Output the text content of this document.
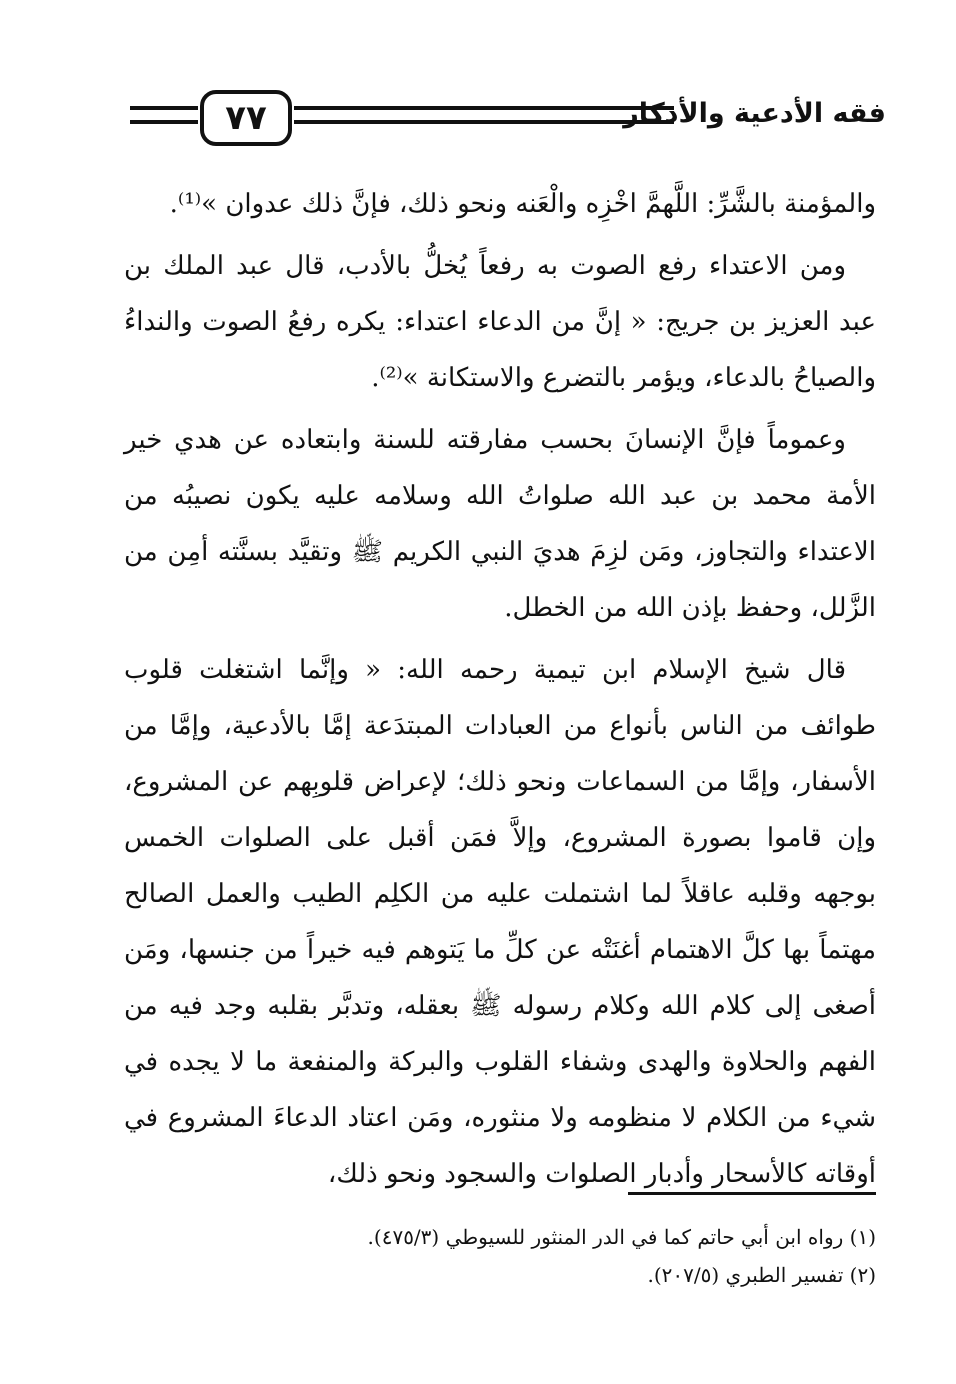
٧٧	فقه الأدعية والأذكار

والمؤمنة بالشَّرِّ: اللَّهمَّ اخْزِه والْعَنه ونحو ذلك، فإنَّ ذلك عدوان »⁽¹⁾.

ومن الاعتداء رفع الصوت به رفعاً يُخلُّ بالأدب، قال عبد الملك بن عبد العزيز بن جريج: « إنَّ من الدعاء اعتداء: يكره رفعُ الصوت والنداءُ والصياحُ بالدعاء، ويؤمر بالتضرع والاستكانة »⁽²⁾.

وعموماً فإنَّ الإنسانَ بحسب مفارقته للسنة وابتعاده عن هدي خير الأمة محمد بن عبد الله صلواتُ الله وسلامه عليه يكون نصيبُه من الاعتداء والتجاوز، ومَن لزِمَ هديَ النبي الكريم ﷺ وتقيَّد بسنَّته أمِن من الزَّلل، وحفظ بإذن الله من الخطل.

قال شيخ الإسلام ابن تيمية رحمه الله: « وإنَّما اشتغلت قلوب طوائف من الناس بأنواع من العبادات المبتدَعة إمَّا بالأدعية، وإمَّا من الأسفار، وإمَّا من السماعات ونحو ذلك؛ لإعراض قلوبِهم عن المشروع، وإن قاموا بصورة المشروع، وإلاَّ فمَن أقبل على الصلوات الخمس بوجهه وقلبه عاقلاً لما اشتملت عليه من الكلِم الطيب والعمل الصالح مهتماً بها كلَّ الاهتمام أغنَتْه عن كلِّ ما يَتوهم فيه خيراً من جنسها، ومَن أصغى إلى كلام الله وكلام رسوله ﷺ بعقله، وتدبَّر بقلبه وجد فيه من الفهم والحلاوة والهدى وشفاء القلوب والبركة والمنفعة ما لا يجده في شيء من الكلام لا منظومه ولا منثوره، ومَن اعتاد الدعاءَ المشروع في أوقاته كالأسحار وأدبار الصلوات والسجود ونحو ذلك،

(١) رواه ابن أبي حاتم كما في الدر المنثور للسيوطي (٤٧٥/٣).

(٢) تفسير الطبري (٢٠٧/٥).
